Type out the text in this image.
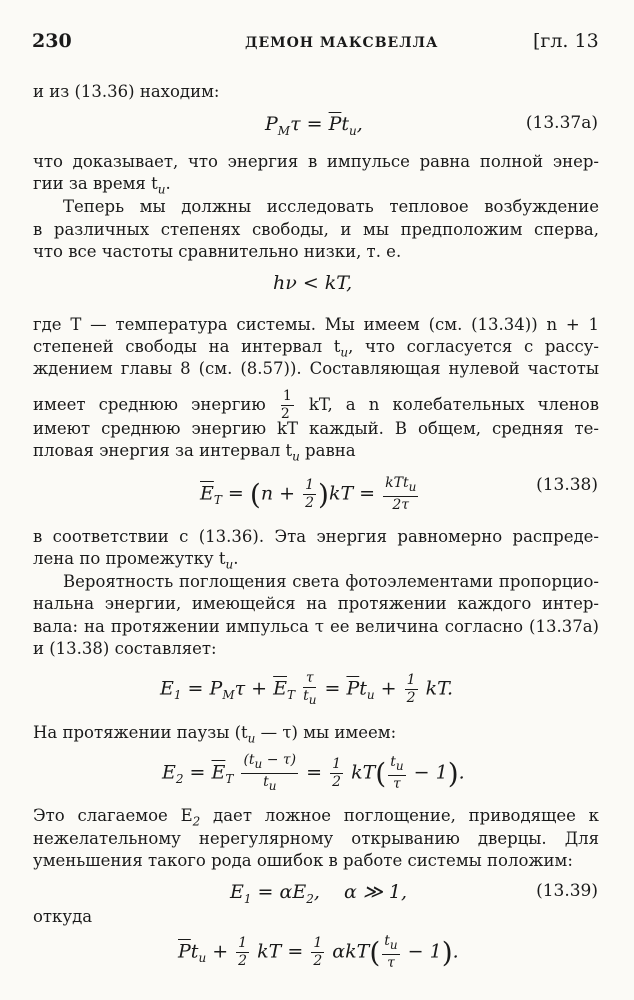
230	ДЕМОН МАКСВЕЛЛА	[гл. 13
и из (13.36) находим:
$P_M\tau = \overline{P}t_u$,	(13.37а)
что доказывает, что энергия в импульсе равна полной энер-
гии за время $t_u$.
Теперь мы должны исследовать тепловое возбуждение
в различных степенях свободы, и мы предположим сперва,
что все частоты сравнительно низки, т. е.
hν < kT,
где T — температура системы. Мы имеем (см. (13.34)) n + 1
степеней свободы на интервал $t_u$, что согласуется с рассу-
ждением главы 8 (см. (8.57)). Составляющая нулевой частоты
имеет среднюю энергию $\frac{1}{2}$ kT, а n колебательных членов
имеют среднюю энергию kT каждый. В общем, средняя те-
пловая энергия за интервал $t_u$ равна
$\overline{E}_T = (n + \frac{1}{2} )kT = \frac{kTt_u}{2\tau}$	(13.38)
в соответствии с (13.36). Эта энергия равномерно распреде-
лена по промежутку $t_u$.
Вероятность поглощения света фотоэлементами пропорцио-
нальна энергии, имеющейся на протяжении каждого интер-
вала: на протяжении импульса τ ее величина согласно (13.37а)
и (13.38) составляет:
$E_1 = P_M\tau + \overline{E}_T \frac{\tau}{t_u} = \overline{P}t_u + \frac{1}{2}$ kT.
На протяжении паузы ($t_u$ — τ) мы имеем:
$E_2 = \overline{E}_T \frac{(t_u - \tau)}{t_u} = \frac{1}{2} kT( \frac{t_u}{\tau} - 1)$.
Это слагаемое $E_2$ дает ложное поглощение, приводящее к
нежелательному нерегулярному открыванию дверцы. Для
уменьшения такого рода ошибок в работе системы положим:
$E_1 = \alpha E_2$,    α ≫ 1,	(13.39)
откуда
$\overline{P}t_u + \frac{1}{2}$ kT = $\frac{1}{2} \alpha kT( \frac{t_u}{\tau} - 1)$.
